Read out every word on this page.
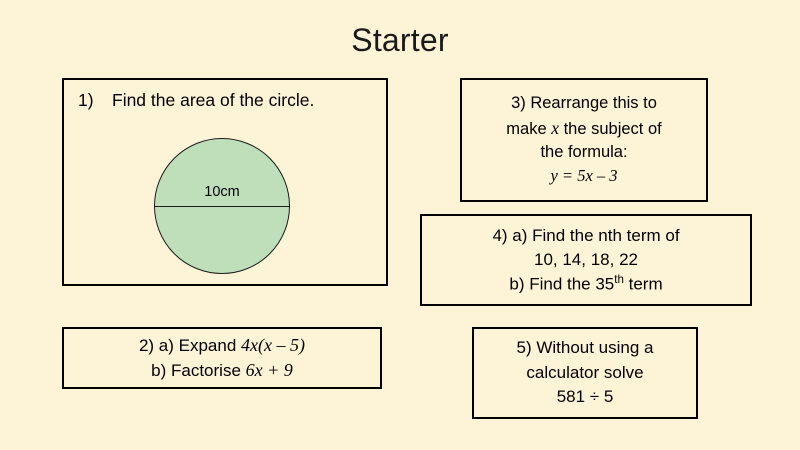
Starter
1) Find the area of the circle.
10cm
2) a) Expand 4x(x – 5)
b) Factorise 6x + 9
3) Rearrange this to
make x the subject of
the formula:
y = 5x – 3
4) a) Find the nth term of
10, 14, 18, 22
b) Find the 35th term
5) Without using a
calculator solve
581 ÷ 5
